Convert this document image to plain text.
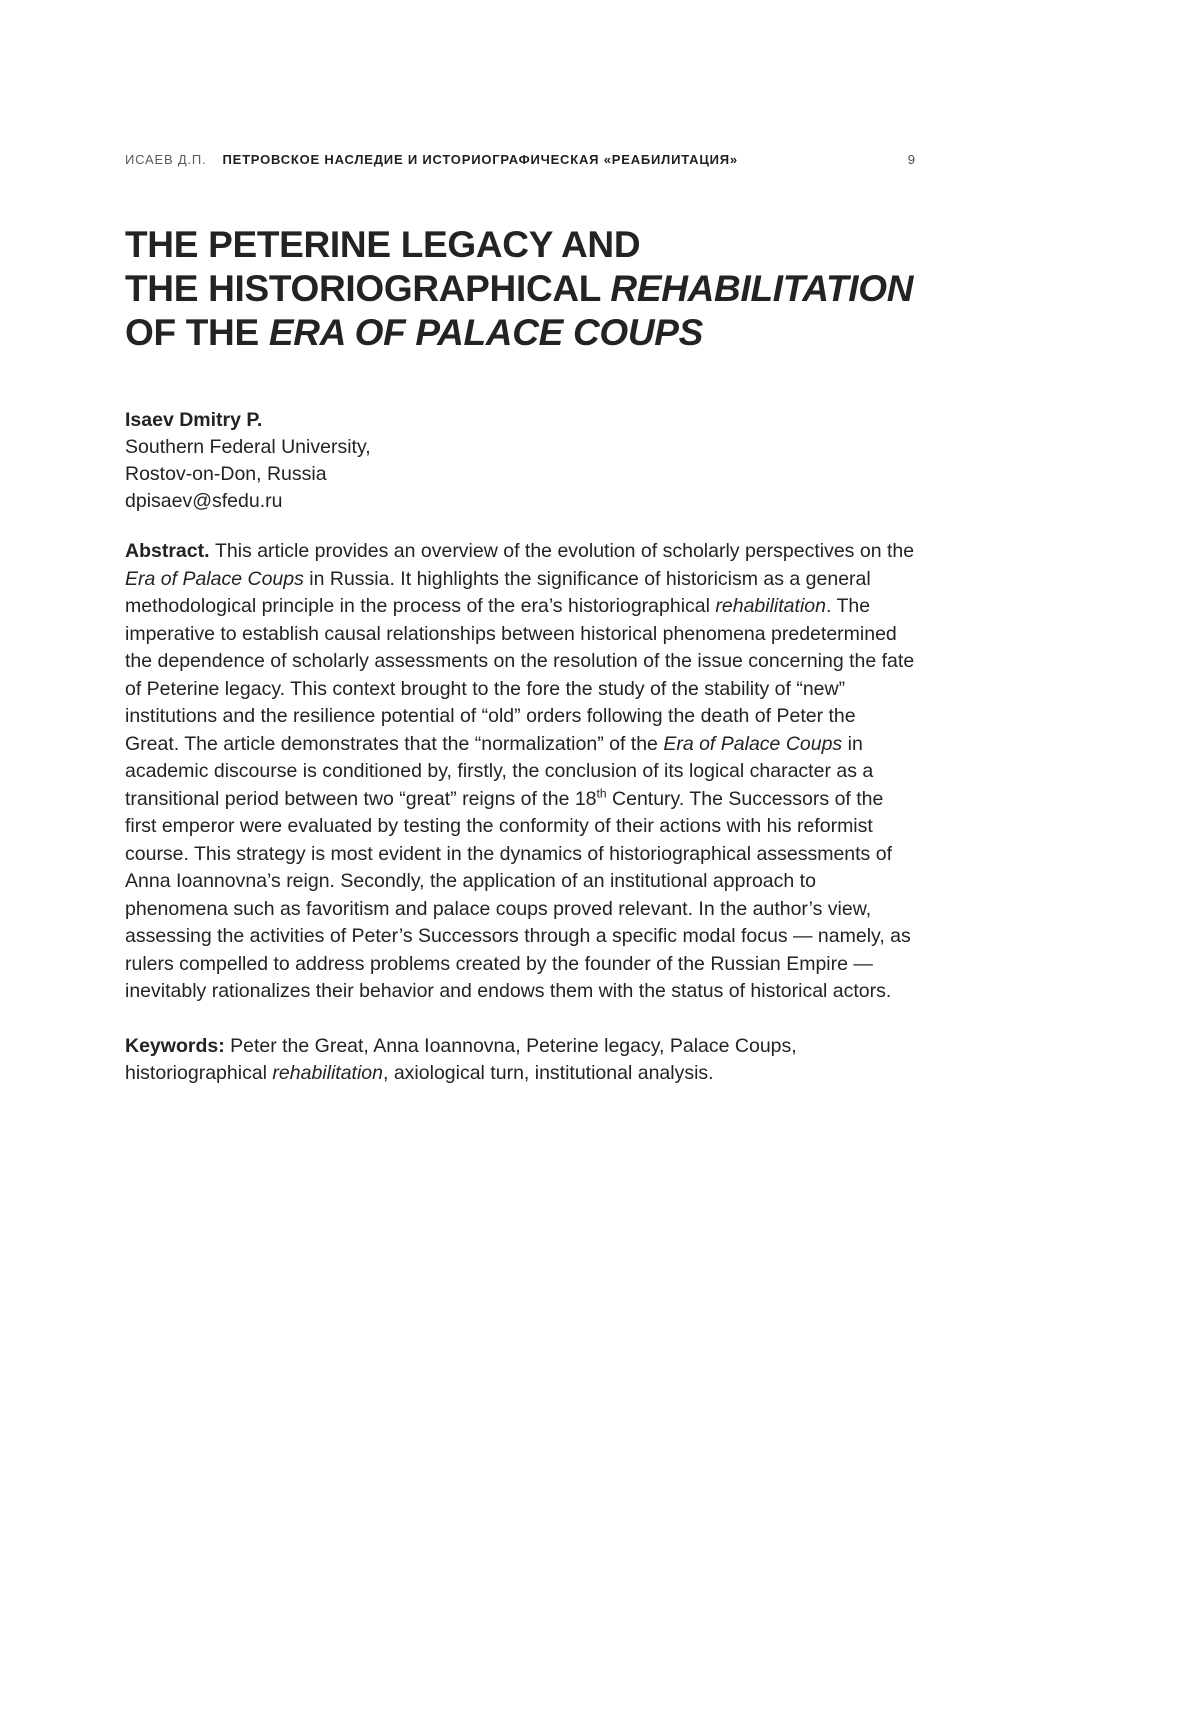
ИСАЕВ Д.П. ПЕТРОВСКОЕ НАСЛЕДИЕ И ИСТОРИОГРАФИЧЕСКАЯ «РЕАБИЛИТАЦИЯ»	9
THE PETERINE LEGACY AND
THE HISTORIOGRAPHICAL REHABILITATION
OF THE ERA OF PALACE COUPS

Isaev Dmitry P.

Southern Federal University,

Rostov-on-Don, Russia

dpisaev@sfedu.ru

Abstract. This article provides an overview of the evolution of scholarly perspectives on the Era of Palace Coups in Russia. It highlights the significance of historicism as a general methodological principle in the process of the era’s historiographical rehabilitation. The imperative to establish causal relationships between historical phenomena predetermined the dependence of scholarly assessments on the resolution of the issue concerning the fate of Peterine legacy. This context brought to the fore the study of the stability of “new” institutions and the resilience potential of “old” orders following the death of Peter the Great. The article demonstrates that the “normalization” of the Era of Palace Coups in academic discourse is conditioned by, firstly, the conclusion of its logical character as a transitional period between two “great” reigns of the 18th Century. The Successors of the first emperor were evaluated by testing the conformity of their actions with his reformist course. This strategy is most evident in the dynamics of historiographical assessments of Anna Ioannovna’s reign. Secondly, the application of an institutional approach to phenomena such as favoritism and palace coups proved relevant. In the author’s view, assessing the activities of Peter’s Successors through a specific modal focus — namely, as rulers compelled to address problems created by the founder of the Russian Empire — inevitably rationalizes their behavior and endows them with the status of historical actors.

Keywords: Peter the Great, Anna Ioannovna, Peterine legacy, Palace Coups, historiographical rehabilitation, axiological turn, institutional analysis.
